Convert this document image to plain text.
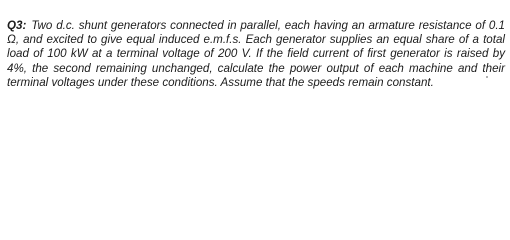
Q3: Two d.c. shunt generators connected in parallel, each having an armature resistance of 0.1 Ω, and excited to give equal induced e.m.f.s. Each generator supplies an equal share of a total load of 100 kW at a terminal voltage of 200 V. If the field current of first generator is raised by 4%, the second remaining unchanged, calculate the power output of each machine and their terminal voltages under these conditions. Assume that the speeds remain constant.
